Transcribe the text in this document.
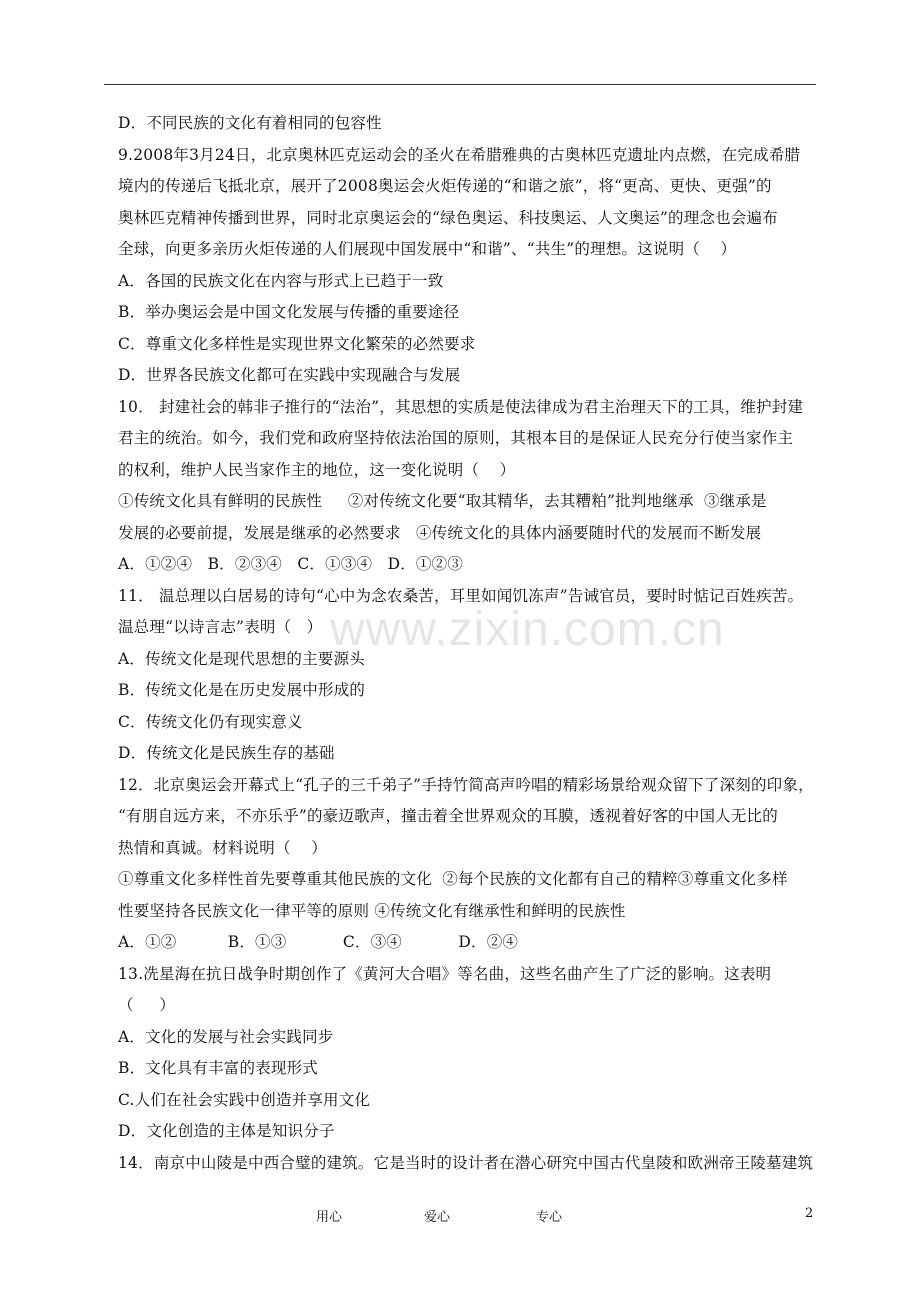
D．不同民族的文化有着相同的包容性
9.2008年3月24日，北京奥林匹克运动会的圣火在希腊雅典的古奥林匹克遗址内点燃，在完成希腊
境内的传递后飞抵北京，展开了2008奥运会火炬传递的“和谐之旅”，将“更高、更快、更强”的
奥林匹克精神传播到世界，同时北京奥运会的“绿色奥运、科技奥运、人文奥运”的理念也会遍布
全球，向更多亲历火炬传递的人们展现中国发展中“和谐”、“共生”的理想。这说明（    ）
A．各国的民族文化在内容与形式上已趋于一致
B．举办奥运会是中国文化发展与传播的重要途径
C．尊重文化多样性是实现世界文化繁荣的必然要求
D．世界各民族文化都可在实践中实现融合与发展
10． 封建社会的韩非子推行的“法治”，其思想的实质是使法律成为君主治理天下的工具，维护封建
君主的统治。如今，我们党和政府坚持依法治国的原则，其根本目的是保证人民充分行使当家作主
的权利，维护人民当家作主的地位，这一变化说明（    ）
①传统文化具有鲜明的民族性     ②对传统文化要“取其精华，去其糟粕”批判地继承  ③继承是
发展的必要前提，发展是继承的必然要求   ④传统文化的具体内涵要随时代的发展而不断发展
A．①②④   B．②③④   C．①③④   D．①②③
11． 温总理以白居易的诗句“心中为念农桑苦，耳里如闻饥冻声”告诫官员，要时时惦记百姓疾苦。
温总理“以诗言志”表明（   ）
A．传统文化是现代思想的主要源头
B．传统文化是在历史发展中形成的
C．传统文化仍有现实意义
D．传统文化是民族生存的基础
12．北京奥运会开幕式上“孔子的三千弟子”手持竹简高声吟唱的精彩场景给观众留下了深刻的印象，
“有朋自远方来，不亦乐乎”的豪迈歌声，撞击着全世界观众的耳膜，透视着好客的中国人无比的
热情和真诚。材料说明（    ）
①尊重文化多样性首先要尊重其他民族的文化  ②每个民族的文化都有自己的精粹③尊重文化多样
性要坚持各民族文化一律平等的原则 ④传统文化有继承性和鲜明的民族性
A．①②          B．①③           C．③④           D．②④
13.冼星海在抗日战争时期创作了《黄河大合唱》等名曲，这些名曲产生了广泛的影响。这表明
（     ）
A．文化的发展与社会实践同步
B．文化具有丰富的表现形式
C.人们在社会实践中创造并享用文化
D．文化创造的主体是知识分子
14．南京中山陵是中西合璧的建筑。它是当时的设计者在潜心研究中国古代皇陵和欧洲帝王陵墓建筑
www.zixin.com.cn
用心	爱心	专心	2
